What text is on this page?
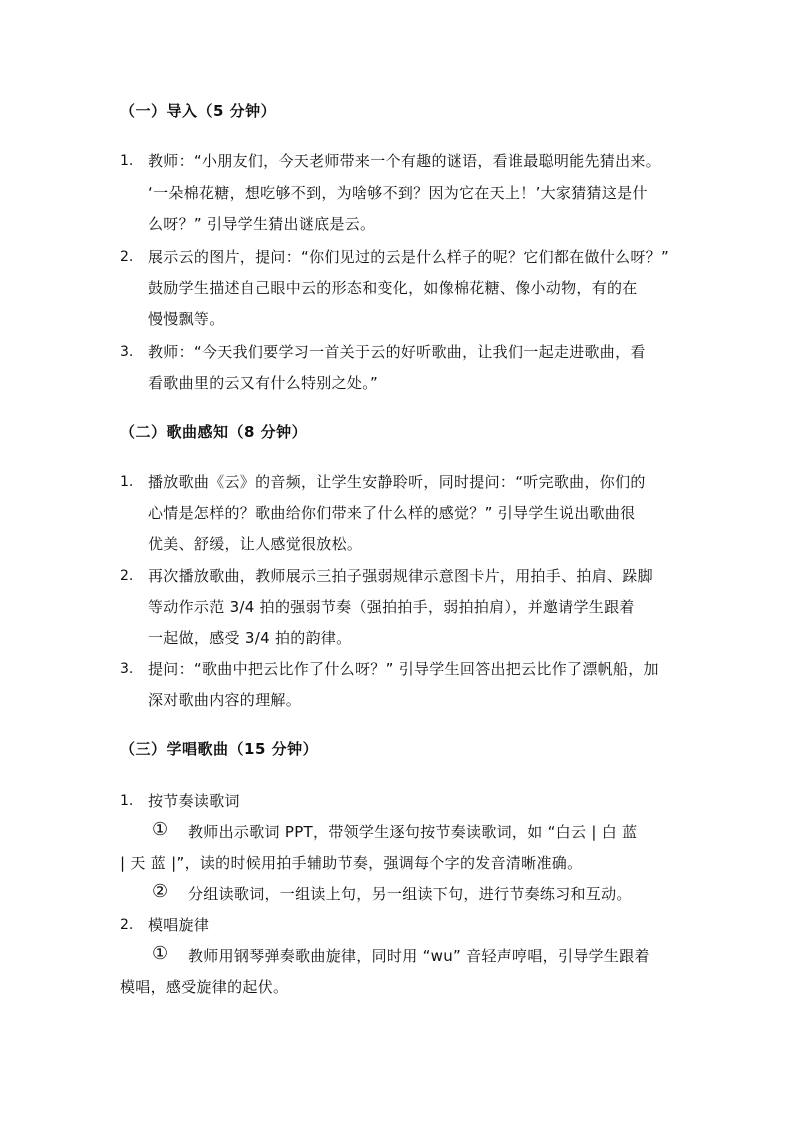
（一）导入（5 分钟）
1. 教师：“小朋友们，今天老师带来一个有趣的谜语，看谁最聪明能先猜出来。
‘一朵棉花糖，想吃够不到，为啥够不到？因为它在天上！’大家猜猜这是什
么呀？” 引导学生猜出谜底是云。
2. 展示云的图片，提问：“你们见过的云是什么样子的呢？它们都在做什么呀？”
鼓励学生描述自己眼中云的形态和变化，如像棉花糖、像小动物，有的在
慢慢飘等。
3. 教师：“今天我们要学习一首关于云的好听歌曲，让我们一起走进歌曲，看
看歌曲里的云又有什么特别之处。”
（二）歌曲感知（8 分钟）
1. 播放歌曲《云》的音频，让学生安静聆听，同时提问：“听完歌曲，你们的
心情是怎样的？歌曲给你们带来了什么样的感觉？” 引导学生说出歌曲很
优美、舒缓，让人感觉很放松。
2. 再次播放歌曲，教师展示三拍子强弱规律示意图卡片，用拍手、拍肩、跺脚
等动作示范 3/4 拍的强弱节奏（强拍拍手，弱拍拍肩），并邀请学生跟着
一起做，感受 3/4 拍的韵律。
3. 提问：“歌曲中把云比作了什么呀？” 引导学生回答出把云比作了漂帆船，加
深对歌曲内容的理解。
（三）学唱歌曲（15 分钟）
1. 按节奏读歌词
① 教师出示歌词 PPT，带领学生逐句按节奏读歌词，如 “白云 | 白 蓝
| 天 蓝 |”，读的时候用拍手辅助节奏，强调每个字的发音清晰准确。
② 分组读歌词，一组读上句，另一组读下句，进行节奏练习和互动。
2. 模唱旋律
① 教师用钢琴弹奏歌曲旋律，同时用 “wu” 音轻声哼唱，引导学生跟着
模唱，感受旋律的起伏。
